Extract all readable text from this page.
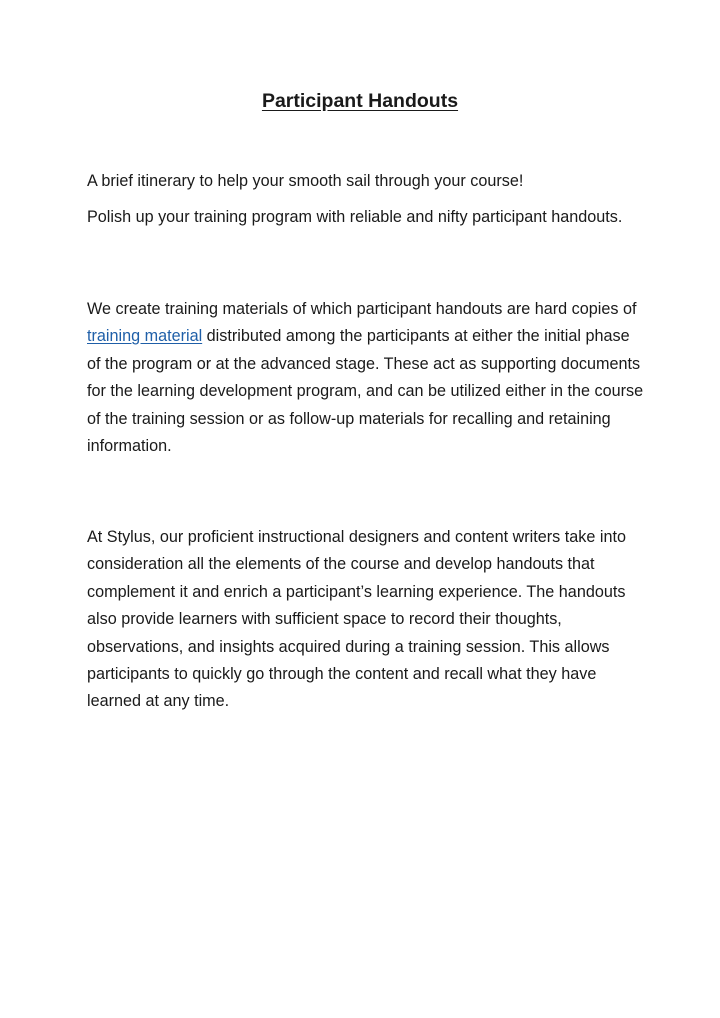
Participant Handouts

A brief itinerary to help your smooth sail through your course!

Polish up your training program with reliable and nifty participant handouts.

We create training materials of which participant handouts are hard copies of training material distributed among the participants at either the initial phase of the program or at the advanced stage. These act as supporting documents for the learning development program, and can be utilized either in the course of the training session or as follow-up materials for recalling and retaining information.

At Stylus, our proficient instructional designers and content writers take into consideration all the elements of the course and develop handouts that complement it and enrich a participant’s learning experience. The handouts also provide learners with sufficient space to record their thoughts, observations, and insights acquired during a training session. This allows participants to quickly go through the content and recall what they have learned at any time.
